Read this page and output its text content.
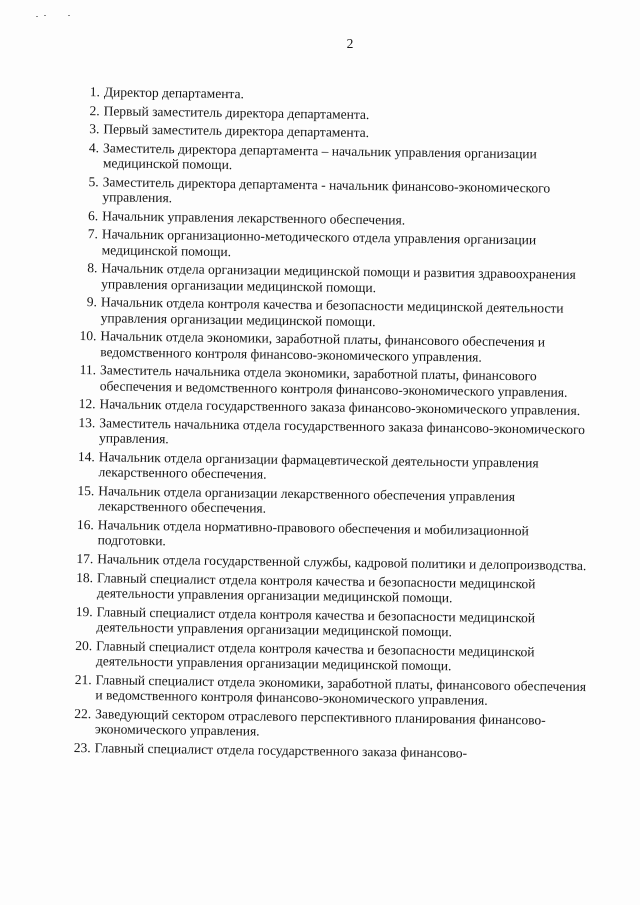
2
1. Директор департамента.
2. Первый заместитель директора департамента.
3. Первый заместитель директора департамента.
4. Заместитель директора департамента – начальник управления организации медицинской помощи.
5. Заместитель директора департамента - начальник финансово-экономического управления.
6. Начальник управления лекарственного обеспечения.
7. Начальник организационно-методического отдела управления организации медицинской помощи.
8. Начальник отдела организации медицинской помощи и развития здравоохранения управления организации медицинской помощи.
9. Начальник отдела контроля качества и безопасности медицинской деятельности управления организации медицинской помощи.
10. Начальник отдела экономики, заработной платы, финансового обеспечения и ведомственного контроля финансово-экономического управления.
11. Заместитель начальника отдела экономики, заработной платы, финансового обеспечения и ведомственного контроля финансово-экономического управления.
12. Начальник отдела государственного заказа финансово-экономического управления.
13. Заместитель начальника отдела государственного заказа финансово-экономического управления.
14. Начальник отдела организации фармацевтической деятельности управления лекарственного обеспечения.
15. Начальник отдела организации лекарственного обеспечения управления лекарственного обеспечения.
16. Начальник отдела нормативно-правового обеспечения и мобилизационной подготовки.
17. Начальник отдела государственной службы, кадровой политики и делопроизводства.
18. Главный специалист отдела контроля качества и безопасности медицинской деятельности управления организации медицинской помощи.
19. Главный специалист отдела контроля качества и безопасности медицинской деятельности управления организации медицинской помощи.
20. Главный специалист отдела контроля качества и безопасности медицинской деятельности управления организации медицинской помощи.
21. Главный специалист отдела экономики, заработной платы, финансового обеспечения и ведомственного контроля финансово-экономического управления.
22. Заведующий сектором отраслевого перспективного планирования финансово-экономического управления.
23. Главный специалист отдела государственного заказа финансово-
